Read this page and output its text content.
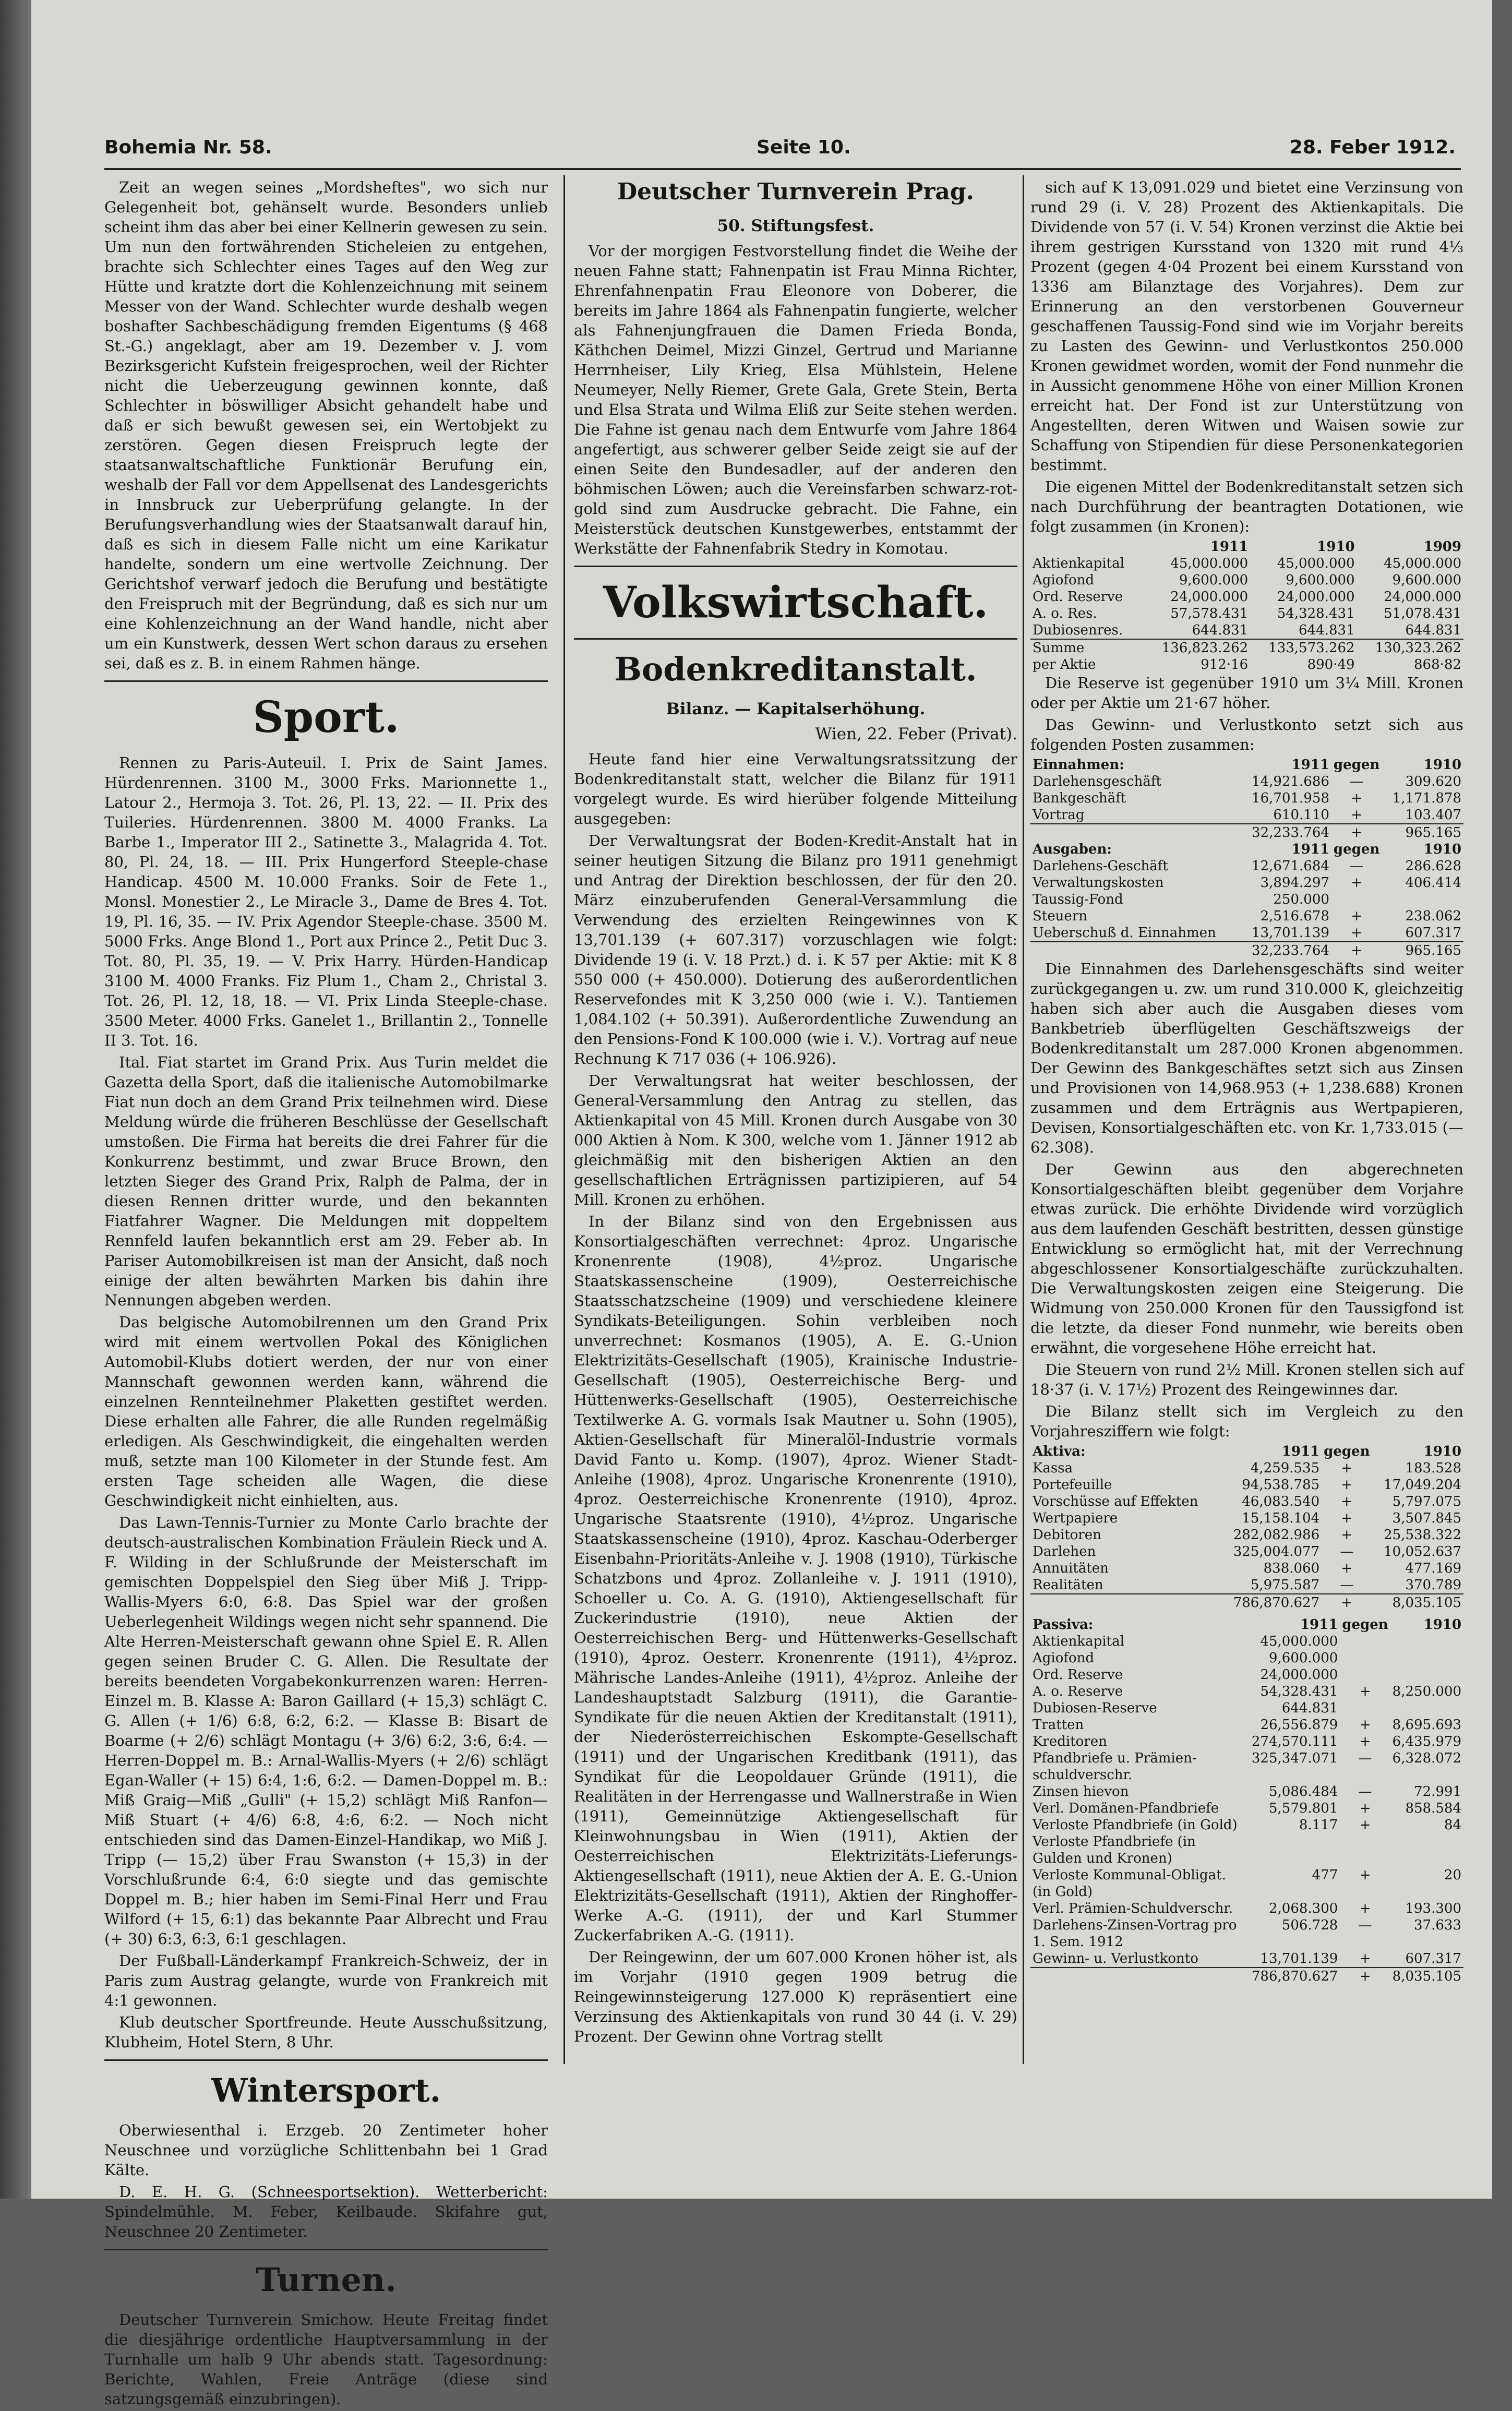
Bohemia Nr. 58.	Seite 10.	28. Feber 1912.

Zeit an wegen seines „Mordsheftes", wo sich nur Gelegenheit bot, gehänselt wurde. Besonders unlieb scheint ihm das aber bei einer Kellnerin gewesen zu sein. Um nun den fortwährenden Sticheleien zu entgehen, brachte sich Schlechter eines Tages auf den Weg zur Hütte und kratzte dort die Kohlenzeichnung mit seinem Messer von der Wand. Schlechter wurde deshalb wegen boshafter Sachbeschädigung fremden Eigentums (§ 468 St.-G.) angeklagt, aber am 19. Dezember v. J. vom Bezirksgericht Kufstein freigesprochen, weil der Richter nicht die Ueberzeugung gewinnen konnte, daß Schlechter in böswilliger Absicht gehandelt habe und daß er sich bewußt gewesen sei, ein Wertobjekt zu zerstören. Gegen diesen Freispruch legte der staatsanwaltschaftliche Funktionär Berufung ein, weshalb der Fall vor dem Appellsenat des Landesgerichts in Innsbruck zur Ueberprüfung gelangte. In der Berufungsverhandlung wies der Staatsanwalt darauf hin, daß es sich in diesem Falle nicht um eine Karikatur handelte, sondern um eine wertvolle Zeichnung. Der Gerichtshof verwarf jedoch die Berufung und bestätigte den Freispruch mit der Begründung, daß es sich nur um eine Kohlenzeichnung an der Wand handle, nicht aber um ein Kunstwerk, dessen Wert schon daraus zu ersehen sei, daß es z. B. in einem Rahmen hänge.

Sport.

Rennen zu Paris-Auteuil. I. Prix de Saint James. Hürdenrennen. 3100 M., 3000 Frks. Marionnette 1., Latour 2., Hermoja 3. Tot. 26, Pl. 13, 22. — II. Prix des Tuileries. Hürdenrennen. 3800 M. 4000 Franks. La Barbe 1., Imperator III 2., Satinette 3., Malagrida 4. Tot. 80, Pl. 24, 18. — III. Prix Hungerford Steeple-chase Handicap. 4500 M. 10.000 Franks. Soir de Fete 1., Monsl. Monestier 2., Le Miracle 3., Dame de Bres 4. Tot. 19, Pl. 16, 35. — IV. Prix Agendor Steeple-chase. 3500 M. 5000 Frks. Ange Blond 1., Port aux Prince 2., Petit Duc 3. Tot. 80, Pl. 35, 19. — V. Prix Harry. Hürden-Handicap 3100 M. 4000 Franks. Fiz Plum 1., Cham 2., Christal 3. Tot. 26, Pl. 12, 18, 18. — VI. Prix Linda Steeple-chase. 3500 Meter. 4000 Frks. Ganelet 1., Brillantin 2., Tonnelle II 3. Tot. 16.

Ital. Fiat startet im Grand Prix. Aus Turin meldet die Gazetta della Sport, daß die italienische Automobilmarke Fiat nun doch an dem Grand Prix teilnehmen wird. Diese Meldung würde die früheren Beschlüsse der Gesellschaft umstoßen. Die Firma hat bereits die drei Fahrer für die Konkurrenz bestimmt, und zwar Bruce Brown, den letzten Sieger des Grand Prix, Ralph de Palma, der in diesen Rennen dritter wurde, und den bekannten Fiatfahrer Wagner. Die Meldungen mit doppeltem Rennfeld laufen bekanntlich erst am 29. Feber ab. In Pariser Automobilkreisen ist man der Ansicht, daß noch einige der alten bewährten Marken bis dahin ihre Nennungen abgeben werden.

Das belgische Automobilrennen um den Grand Prix wird mit einem wertvollen Pokal des Königlichen Automobil-Klubs dotiert werden, der nur von einer Mannschaft gewonnen werden kann, während die einzelnen Rennteilnehmer Plaketten gestiftet werden. Diese erhalten alle Fahrer, die alle Runden regelmäßig erledigen. Als Geschwindigkeit, die eingehalten werden muß, setzte man 100 Kilometer in der Stunde fest. Am ersten Tage scheiden alle Wagen, die diese Geschwindigkeit nicht einhielten, aus.

Das Lawn-Tennis-Turnier zu Monte Carlo brachte der deutsch-australischen Kombination Fräulein Rieck und A. F. Wilding in der Schlußrunde der Meisterschaft im gemischten Doppelspiel den Sieg über Miß J. Tripp-Wallis-Myers 6:0, 6:8. Das Spiel war der großen Ueberlegenheit Wildings wegen nicht sehr spannend. Die Alte Herren-Meisterschaft gewann ohne Spiel E. R. Allen gegen seinen Bruder C. G. Allen. Die Resultate der bereits beendeten Vorgabekonkurrenzen waren: Herren-Einzel m. B. Klasse A: Baron Gaillard (+ 15,3) schlägt C. G. Allen (+ 1/6) 6:8, 6:2, 6:2. — Klasse B: Bisart de Boarme (+ 2/6) schlägt Montagu (+ 3/6) 6:2, 3:6, 6:4. — Herren-Doppel m. B.: Arnal-Wallis-Myers (+ 2/6) schlägt Egan-Waller (+ 15) 6:4, 1:6, 6:2. — Damen-Doppel m. B.: Miß Graig—Miß „Gulli" (+ 15,2) schlägt Miß Ranfon—Miß Stuart (+ 4/6) 6:8, 4:6, 6:2. — Noch nicht entschieden sind das Damen-Einzel-Handikap, wo Miß J. Tripp (— 15,2) über Frau Swanston (+ 15,3) in der Vorschlußrunde 6:4, 6:0 siegte und das gemischte Doppel m. B.; hier haben im Semi-Final Herr und Frau Wilford (+ 15, 6:1) das bekannte Paar Albrecht und Frau (+ 30) 6:3, 6:3, 6:1 geschlagen.

Der Fußball-Länderkampf Frankreich-Schweiz, der in Paris zum Austrag gelangte, wurde von Frankreich mit 4:1 gewonnen.

Klub deutscher Sportfreunde. Heute Ausschußsitzung, Klubheim, Hotel Stern, 8 Uhr.

Wintersport.

Oberwiesenthal i. Erzgeb. 20 Zentimeter hoher Neuschnee und vorzügliche Schlittenbahn bei 1 Grad Kälte.

D. E. H. G. (Schneesportsektion). Wetterbericht: Spindelmühle. M. Feber, Keilbaude. Skifahre gut, Neuschnee 20 Zentimeter.

Turnen.

Deutscher Turnverein Smichow. Heute Freitag findet die diesjährige ordentliche Hauptversammlung in der Turnhalle um halb 9 Uhr abends statt. Tagesordnung: Berichte, Wahlen, Freie Anträge (diese sind satzungsgemäß einzubringen).

Deutscher Turnverein Prag.
50. Stiftungsfest.

Vor der morgigen Festvorstellung findet die Weihe der neuen Fahne statt; Fahnenpatin ist Frau Minna Richter, Ehrenfahnenpatin Frau Eleonore von Doberer, die bereits im Jahre 1864 als Fahnenpatin fungierte, welcher als Fahnenjungfrauen die Damen Frieda Bonda, Käthchen Deimel, Mizzi Ginzel, Gertrud und Marianne Herrnheiser, Lily Krieg, Elsa Mühlstein, Helene Neumeyer, Nelly Riemer, Grete Gala, Grete Stein, Berta und Elsa Strata und Wilma Eliß zur Seite stehen werden. Die Fahne ist genau nach dem Entwurfe vom Jahre 1864 angefertigt, aus schwerer gelber Seide zeigt sie auf der einen Seite den Bundesadler, auf der anderen den böhmischen Löwen; auch die Vereinsfarben schwarz-rot-gold sind zum Ausdrucke gebracht. Die Fahne, ein Meisterstück deutschen Kunstgewerbes, entstammt der Werkstätte der Fahnenfabrik Stedry in Komotau.

Volkswirtschaft.
Bodenkreditanstalt.
Bilanz. — Kapitalserhöhung.
Wien, 22. Feber (Privat).

Heute fand hier eine Verwaltungsratssitzung der Bodenkreditanstalt statt, welcher die Bilanz für 1911 vorgelegt wurde. Es wird hierüber folgende Mitteilung ausgegeben:

Der Verwaltungsrat der Boden-Kredit-Anstalt hat in seiner heutigen Sitzung die Bilanz pro 1911 genehmigt und Antrag der Direktion beschlossen, der für den 20. März einzuberufenden General-Versammlung die Verwendung des erzielten Reingewinnes von K 13,701.139 (+ 607.317) vorzuschlagen wie folgt: Dividende 19 (i. V. 18 Przt.) d. i. K 57 per Aktie: mit K 8 550 000 (+ 450.000). Dotierung des außerordentlichen Reservefondes mit K 3,250 000 (wie i. V.). Tantiemen 1,084.102 (+ 50.391). Außerordentliche Zuwendung an den Pensions-Fond K 100.000 (wie i. V.). Vortrag auf neue Rechnung K 717 036 (+ 106.926).

Der Verwaltungsrat hat weiter beschlossen, der General-Versammlung den Antrag zu stellen, das Aktienkapital von 45 Mill. Kronen durch Ausgabe von 30 000 Aktien à Nom. K 300, welche vom 1. Jänner 1912 ab gleichmäßig mit den bisherigen Aktien an den gesellschaftlichen Erträgnissen partizipieren, auf 54 Mill. Kronen zu erhöhen.

In der Bilanz sind von den Ergebnissen aus Konsortialgeschäften verrechnet: 4proz. Ungarische Kronenrente (1908), 4½proz. Ungarische Staatskassenscheine (1909), Oesterreichische Staatsschatzscheine (1909) und verschiedene kleinere Syndikats-Beteiligungen. Sohin verbleiben noch unverrechnet: Kosmanos (1905), A. E. G.-Union Elektrizitäts-Gesellschaft (1905), Krainische Industrie-Gesellschaft (1905), Oesterreichische Berg- und Hüttenwerks-Gesellschaft (1905), Oesterreichische Textilwerke A. G. vormals Isak Mautner u. Sohn (1905), Aktien-Gesellschaft für Mineralöl-Industrie vormals David Fanto u. Komp. (1907), 4proz. Wiener Stadt-Anleihe (1908), 4proz. Ungarische Kronenrente (1910), 4proz. Oesterreichische Kronenrente (1910), 4proz. Ungarische Staatsrente (1910), 4½proz. Ungarische Staatskassenscheine (1910), 4proz. Kaschau-Oderberger Eisenbahn-Prioritäts-Anleihe v. J. 1908 (1910), Türkische Schatzbons und 4proz. Zollanleihe v. J. 1911 (1910), Schoeller u. Co. A. G. (1910), Aktiengesellschaft für Zuckerindustrie (1910), neue Aktien der Oesterreichischen Berg- und Hüttenwerks-Gesellschaft (1910), 4proz. Oesterr. Kronenrente (1911), 4½proz. Mährische Landes-Anleihe (1911), 4½proz. Anleihe der Landeshauptstadt Salzburg (1911), die Garantie-Syndikate für die neuen Aktien der Kreditanstalt (1911), der Niederösterreichischen Eskompte-Gesellschaft (1911) und der Ungarischen Kreditbank (1911), das Syndikat für die Leopoldauer Gründe (1911), die Realitäten in der Herrengasse und Wallnerstraße in Wien (1911), Gemeinnützige Aktiengesellschaft für Kleinwohnungsbau in Wien (1911), Aktien der Oesterreichischen Elektrizitäts-Lieferungs-Aktiengesellschaft (1911), neue Aktien der A. E. G.-Union Elektrizitäts-Gesellschaft (1911), Aktien der Ringhoffer-Werke A.-G. (1911), der und Karl Stummer Zuckerfabriken A.-G. (1911).

Der Reingewinn, der um 607.000 Kronen höher ist, als im Vorjahr (1910 gegen 1909 betrug die Reingewinnsteigerung 127.000 K) repräsentiert eine Verzinsung des Aktienkapitals von rund 30 44 (i. V. 29) Prozent. Der Gewinn ohne Vortrag stellt

sich auf K 13,091.029 und bietet eine Verzinsung von rund 29 (i. V. 28) Prozent des Aktienkapitals. Die Dividende von 57 (i. V. 54) Kronen verzinst die Aktie bei ihrem gestrigen Kursstand von 1320 mit rund 4⅓ Prozent (gegen 4·04 Prozent bei einem Kursstand von 1336 am Bilanztage des Vorjahres). Dem zur Erinnerung an den verstorbenen Gouverneur geschaffenen Taussig-Fond sind wie im Vorjahr bereits zu Lasten des Gewinn- und Verlustkontos 250.000 Kronen gewidmet worden, womit der Fond nunmehr die in Aussicht genommene Höhe von einer Million Kronen erreicht hat. Der Fond ist zur Unterstützung von Angestellten, deren Witwen und Waisen sowie zur Schaffung von Stipendien für diese Personenkategorien bestimmt.

Die eigenen Mittel der Bodenkreditanstalt setzen sich nach Durchführung der beantragten Dotationen, wie folgt zusammen (in Kronen):

	1911	1910	1909
Aktienkapital	45,000.000	45,000.000	45,000.000
Agiofond	9,600.000	9,600.000	9,600.000
Ord. Reserve	24,000.000	24,000.000	24,000.000
A. o. Res.	57,578.431	54,328.431	51,078.431
Dubiosenres.	644.831	644.831	644.831
Summe	136,823.262	133,573.262	130,323.262
per Aktie	912·16	890·49	868·82

Die Reserve ist gegenüber 1910 um 3¼ Mill. Kronen oder per Aktie um 21·67 höher.

Das Gewinn- und Verlustkonto setzt sich aus folgenden Posten zusammen:

Einnahmen:	1911	gegen	1910
Darlehensgeschäft	14,921.686	—	309.620
Bankgeschäft	16,701.958	+	1,171.878
Vortrag	610.110	+	103.407
	32,233.764	+	965.165
Ausgaben:	1911	gegen	1910
Darlehens-Geschäft	12,671.684	—	286.628
Verwaltungskosten	3,894.297	+	406.414
Taussig-Fond	250.000		
Steuern	2,516.678	+	238.062
Ueberschuß d. Einnahmen	13,701.139	+	607.317
	32,233.764	+	965.165

Die Einnahmen des Darlehensgeschäfts sind weiter zurückgegangen u. zw. um rund 310.000 K, gleichzeitig haben sich aber auch die Ausgaben dieses vom Bankbetrieb überflügelten Geschäftszweigs der Bodenkreditanstalt um 287.000 Kronen abgenommen. Der Gewinn des Bankgeschäftes setzt sich aus Zinsen und Provisionen von 14,968.953 (+ 1,238.688) Kronen zusammen und dem Erträgnis aus Wertpapieren, Devisen, Konsortialgeschäften etc. von Kr. 1,733.015 (— 62.308).

Der Gewinn aus den abgerechneten Konsortialgeschäften bleibt gegenüber dem Vorjahre etwas zurück. Die erhöhte Dividende wird vorzüglich aus dem laufenden Geschäft bestritten, dessen günstige Entwicklung so ermöglicht hat, mit der Verrechnung abgeschlossener Konsortialgeschäfte zurückzuhalten. Die Verwaltungskosten zeigen eine Steigerung. Die Widmung von 250.000 Kronen für den Taussigfond ist die letzte, da dieser Fond nunmehr, wie bereits oben erwähnt, die vorgesehene Höhe erreicht hat.

Die Steuern von rund 2½ Mill. Kronen stellen sich auf 18·37 (i. V. 17½) Prozent des Reingewinnes dar.

Die Bilanz stellt sich im Vergleich zu den Vorjahresziffern wie folgt:

Aktiva:	1911	gegen	1910
Kassa	4,259.535	+	183.528
Portefeuille	94,538.785	+	17,049.204
Vorschüsse auf Effekten	46,083.540	+	5,797.075
Wertpapiere	15,158.104	+	3,507.845
Debitoren	282,082.986	+	25,538.322
Darlehen	325,004.077	—	10,052.637
Annuitäten	838.060	+	477.169
Realitäten	5,975.587	—	370.789
	786,870.627	+	8,035.105
Passiva:	1911	gegen	1910
Aktienkapital	45,000.000		
Agiofond	9,600.000		
Ord. Reserve	24,000.000		
A. o. Reserve	54,328.431	+	8,250.000
Dubiosen-Reserve	644.831		
Tratten	26,556.879	+	8,695.693
Kreditoren	274,570.111	+	6,435.979
Pfandbriefe u. Prämien-schuldverschr.	325,347.071	—	6,328.072
Zinsen hievon	5,086.484	—	72.991
Verl. Domänen-Pfandbriefe	5,579.801	+	858.584
Verloste Pfandbriefe (in Gold)	8.117	+	84
Verloste Pfandbriefe (in Gulden und Kronen)			
Verloste Kommunal-Obligat. (in Gold)	477	+	20
Verl. Prämien-Schuldverschr.	2,068.300	+	193.300
Darlehens-Zinsen-Vortrag pro 1. Sem. 1912	506.728	—	37.633
Gewinn- u. Verlustkonto	13,701.139	+	607.317
	786,870.627	+	8,035.105
